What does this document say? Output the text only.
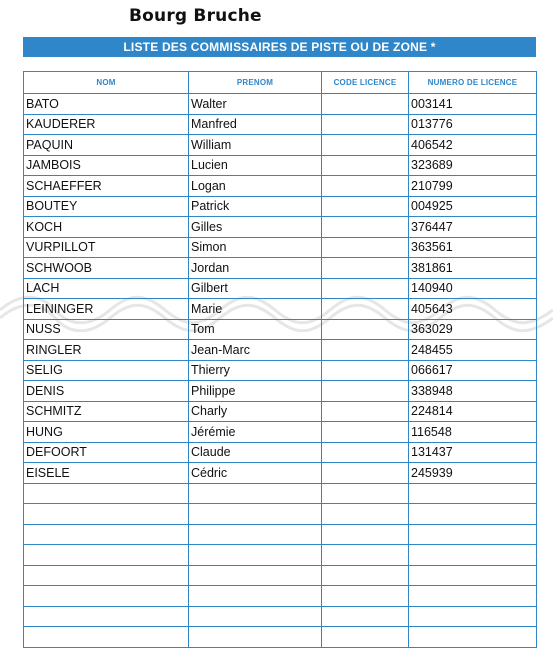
Bourg Bruche
LISTE DES COMMISSAIRES DE PISTE OU DE ZONE *
NOM	PRENOM	CODE LICENCE	NUMERO DE LICENCE
BATO	Walter		003141
KAUDERER	Manfred		013776
PAQUIN	William		406542
JAMBOIS	Lucien		323689
SCHAEFFER	Logan		210799
BOUTEY	Patrick		004925
KOCH	Gilles		376447
VURPILLOT	Simon		363561
SCHWOOB	Jordan		381861
LACH	Gilbert		140940
LEININGER	Marie		405643
NUSS	Tom		363029
RINGLER	Jean-Marc		248455
SELIG	Thierry		066617
DENIS	Philippe		338948
SCHMITZ	Charly		224814
HUNG	Jérémie		116548
DEFOORT	Claude		131437
EISELE	Cédric		245939
